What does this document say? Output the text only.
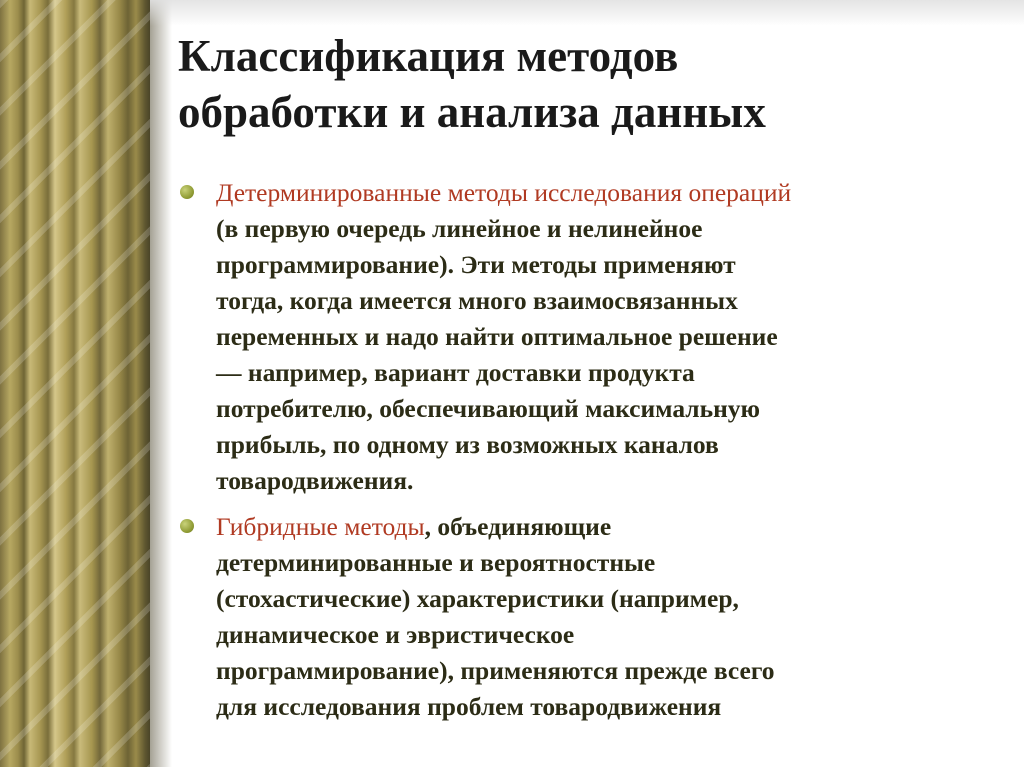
Классификация методов
обработки и анализа данных
Детерминированные методы исследования операций
(в первую очередь линейное и нелинейное
программирование). Эти методы применяют
тогда, когда имеется много взаимосвязанных
переменных и надо найти оптимальное решение
— например, вариант доставки продукта
потребителю, обеспечивающий максимальную
прибыль, по одному из возможных каналов
товародвижения.
Гибридные методы, объединяющие
детерминированные и вероятностные
(стохастические) характеристики (например,
динамическое и эвристическое
программирование), применяются прежде всего
для исследования проблем товародвижения
